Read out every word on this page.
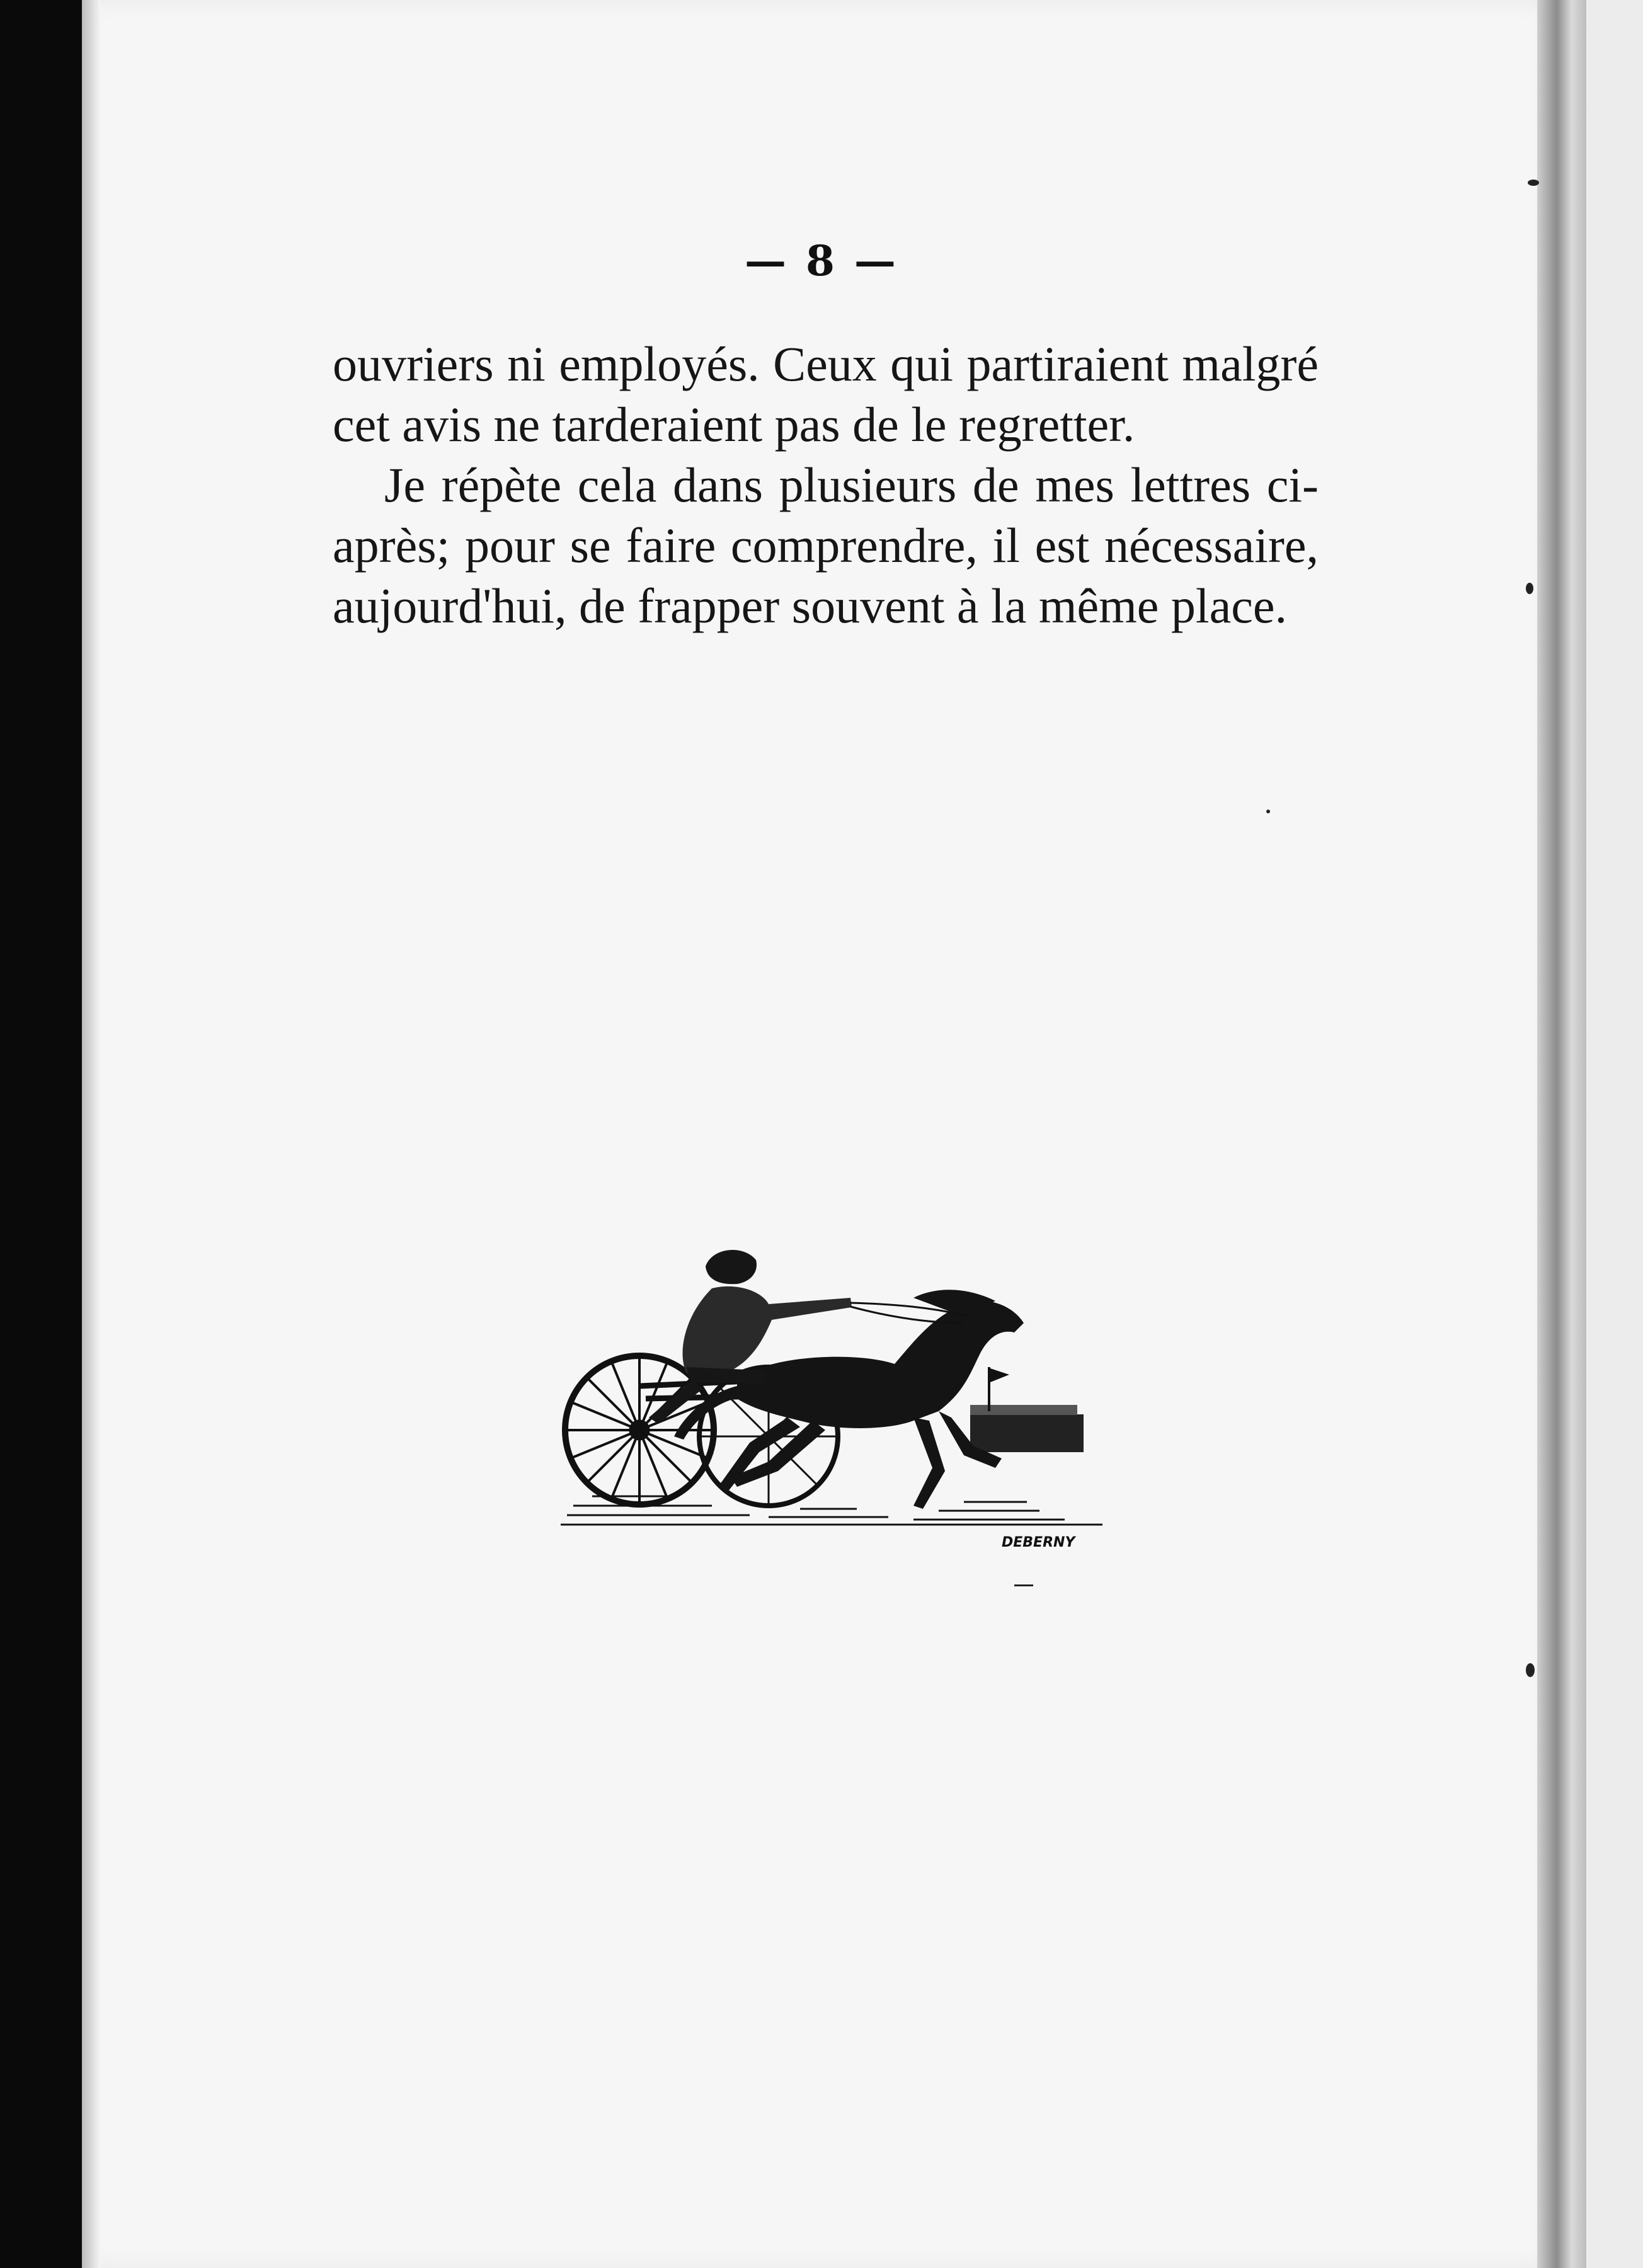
— 8 —

ouvriers ni employés. Ceux qui partiraient malgré cet avis ne tarderaient pas de le regretter.

Je répète cela dans plusieurs de mes lettres ci-après; pour se faire comprendre, il est nécessaire, aujourd'hui, de frapper souvent à la même place.

DEBERNY
